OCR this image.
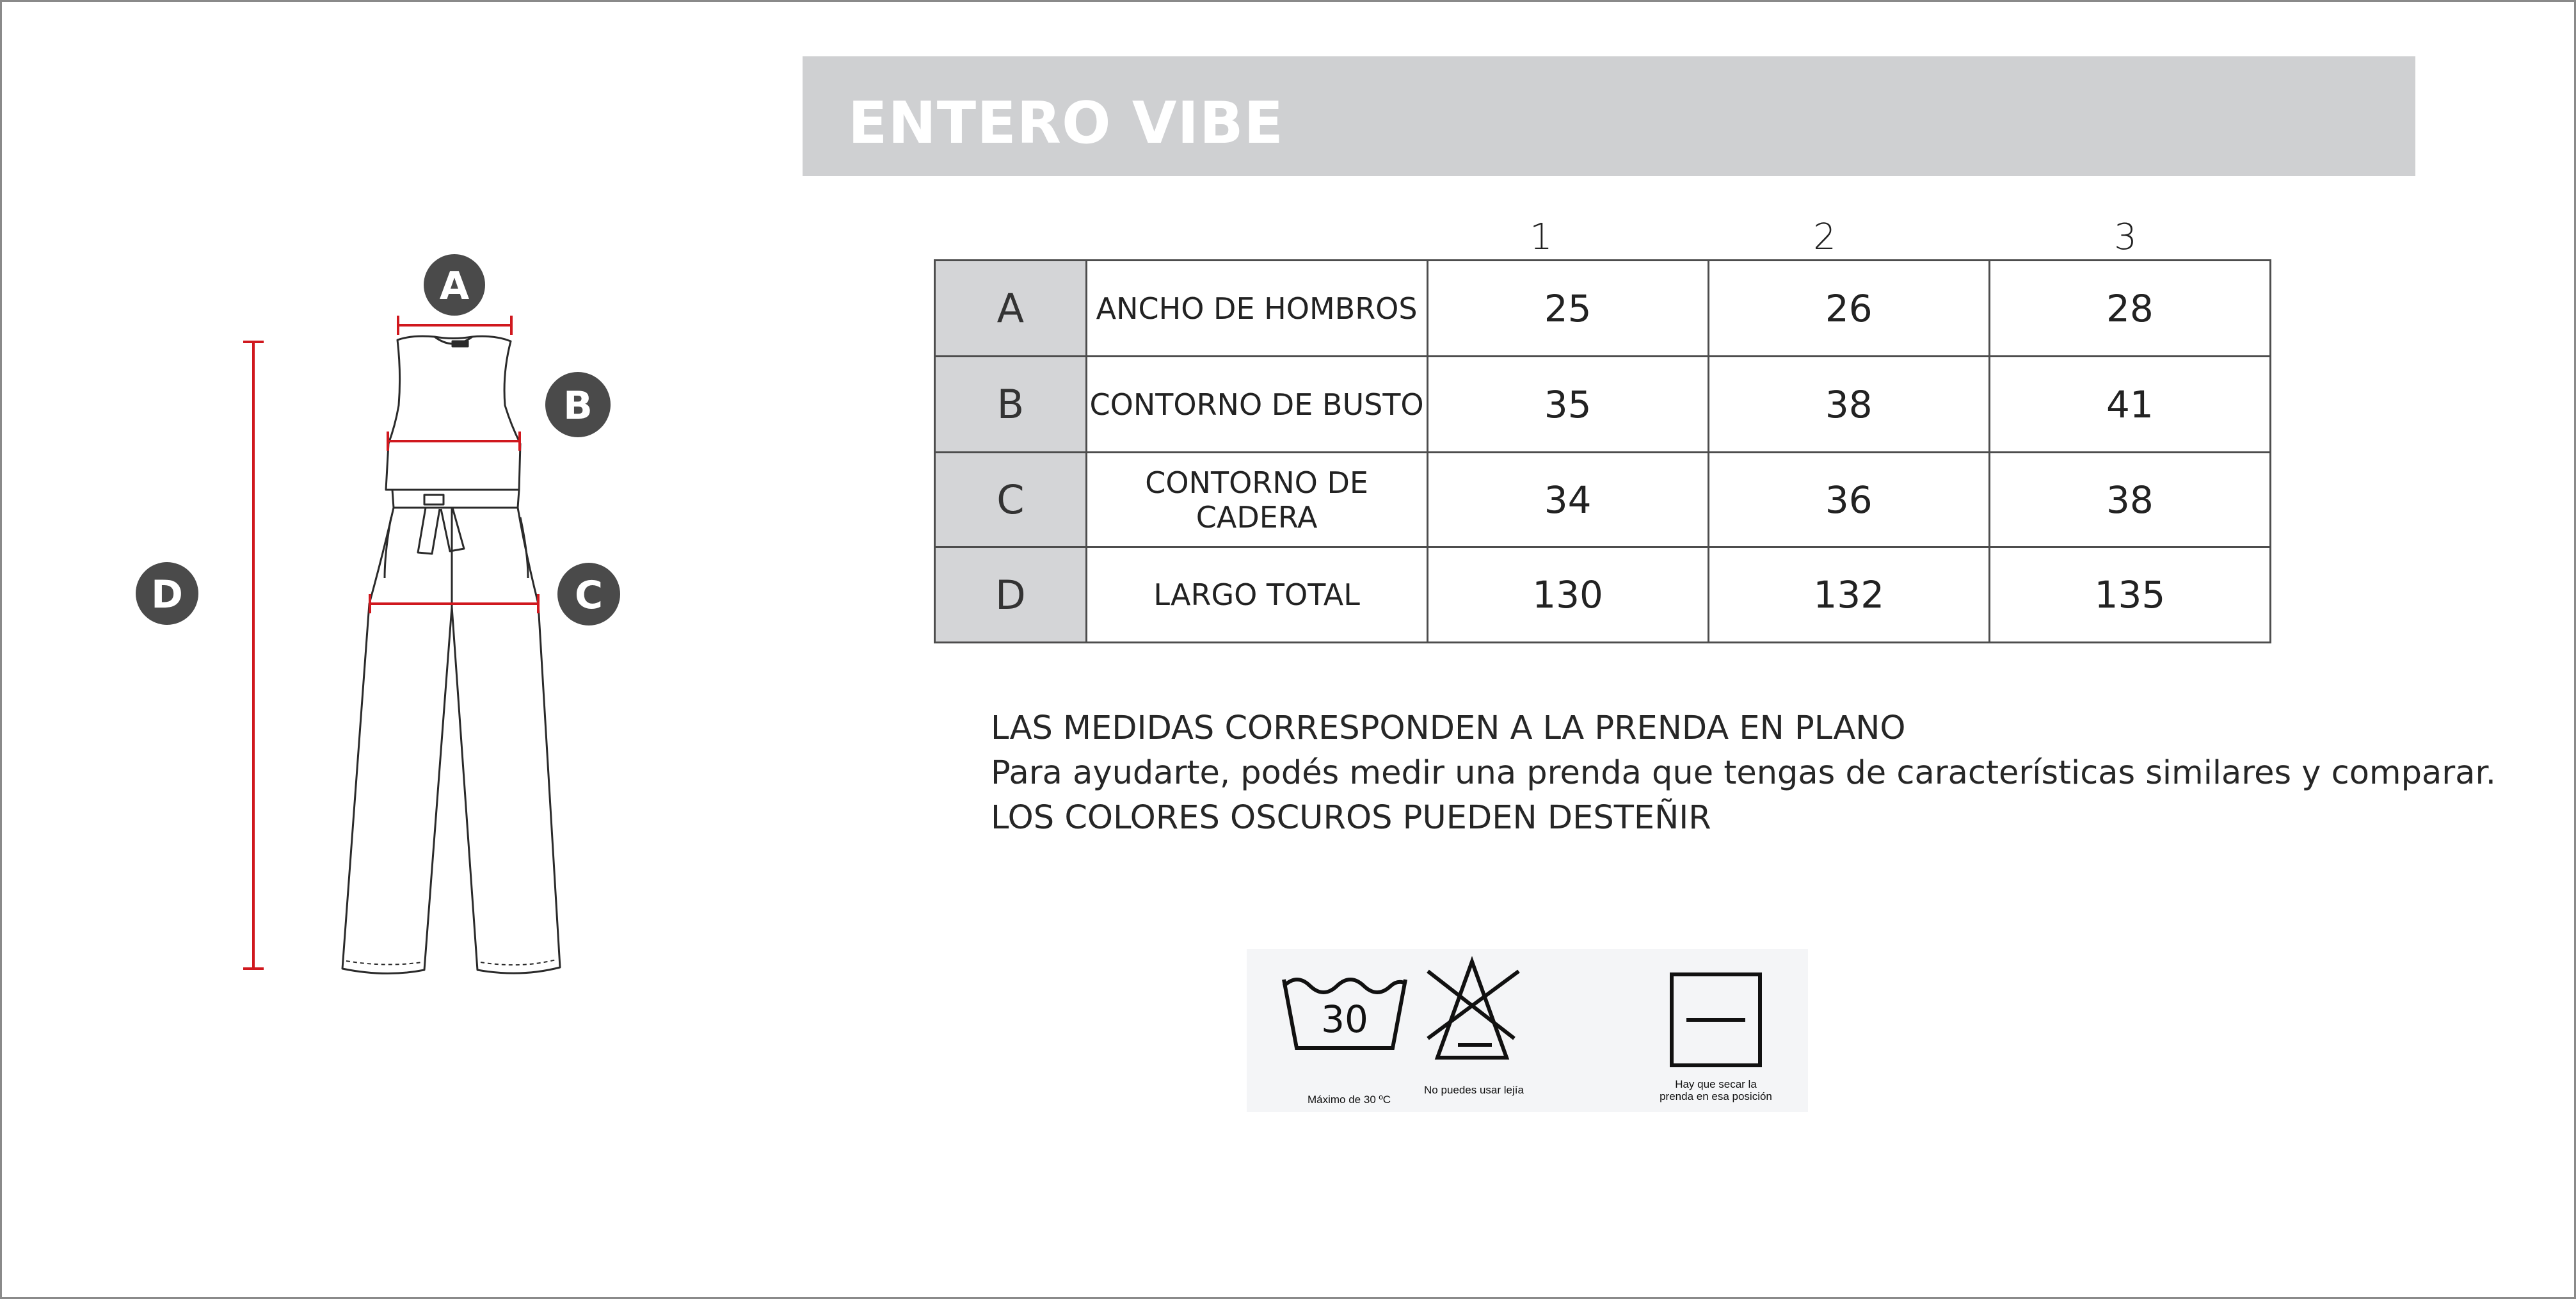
ENTERO VIBE
A
B
C
D
1	2	3
A	ANCHO DE HOMBROS	25	26	28
B	CONTORNO DE BUSTO	35	38	41
C	CONTORNO DE CADERA	34	36	38
D	LARGO TOTAL	130	132	135
LAS MEDIDAS CORRESPONDEN A LA PRENDA EN PLANO
Para ayudarte, podés medir una prenda que tengas de características similares y comparar.
LOS COLORES OSCUROS PUEDEN DESTEÑIR
30
Máximo de 30 ºC
No puedes usar lejía	Hay que secar la
prenda en esa posición
